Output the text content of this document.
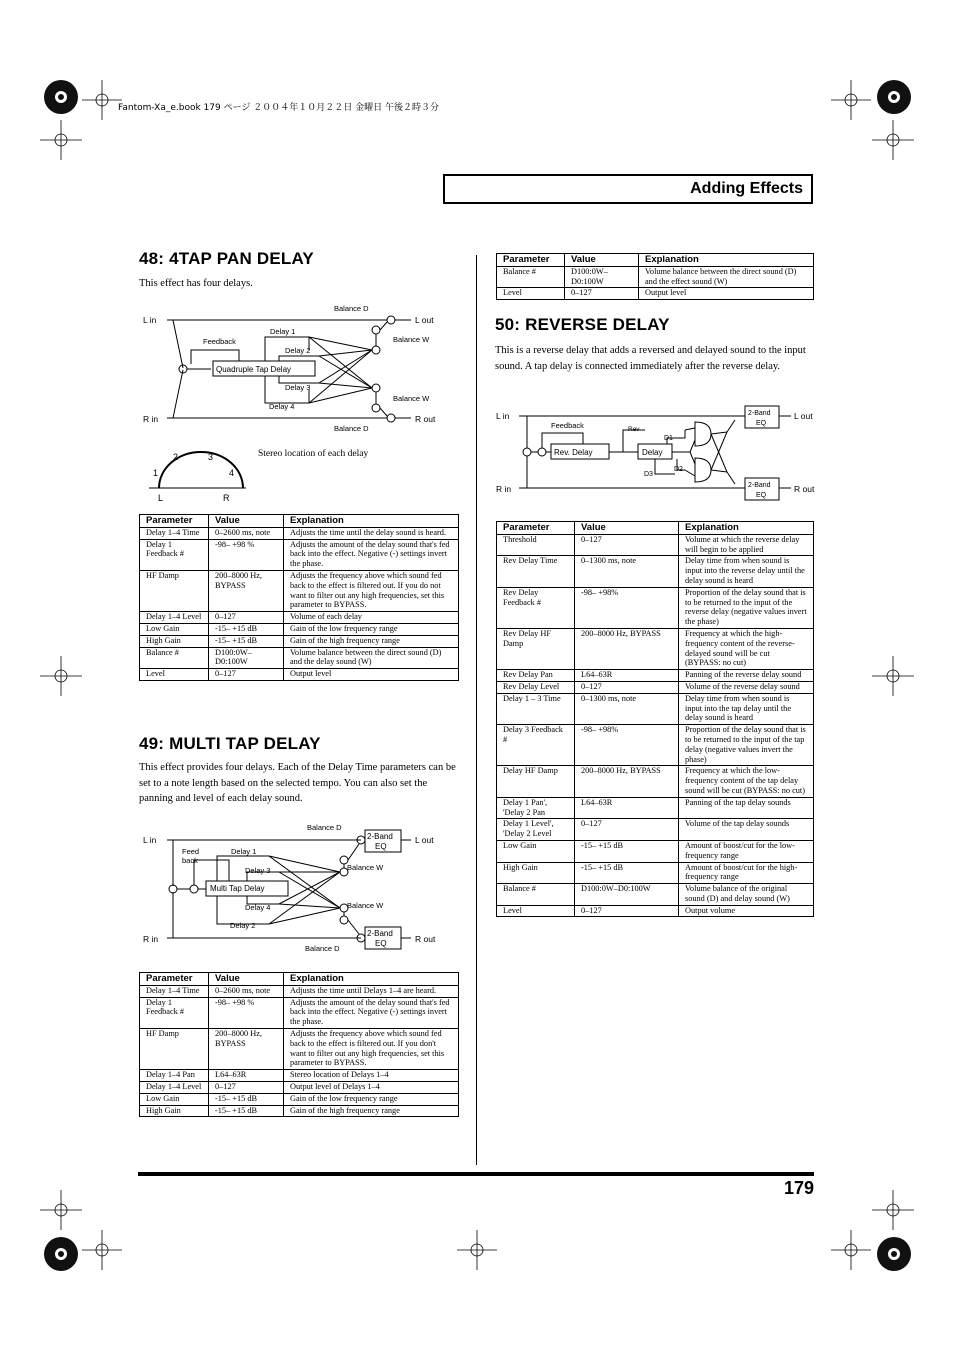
Fantom-Xa_e.book 179 ページ ２００４年１０月２２日 金曜日 午後２時３分
Adding Effects
48: 4TAP PAN DELAY

This effect has four delays.

L in
R in
L out
R out
Balance D
Balance D
Balance W
Balance W
Feedback
Quadruple Tap Delay
Delay 1
Delay 2
Delay 3
Delay 4
1
2	3
4
L	R
Stereo location of each delay
Parameter	Value	Explanation
Delay 1–4 Time	0–2600 ms, note	Adjusts the time until the delay sound is heard.
Delay 1 Feedback #	-98– +98 %	Adjusts the amount of the delay sound that's fed back into the effect. Negative (-) settings invert the phase.
HF Damp	200–8000 Hz, BYPASS	Adjusts the frequency above which sound fed back to the effect is filtered out. If you do not want to filter out any high frequencies, set this parameter to BYPASS.
Delay 1–4 Level	0–127	Volume of each delay
Low Gain	-15– +15 dB	Gain of the low frequency range
High Gain	-15– +15 dB	Gain of the high frequency range
Balance #	D100:0W– D0:100W	Volume balance between the direct sound (D) and the delay sound (W)
Level	0–127	Output level
49: MULTI TAP DELAY

This effect provides four delays. Each of the Delay Time parameters can be set to a note length based on the selected tempo. You can also set the panning and level of each delay sound.

L in
R in
L out
R out
Balance D
Balance D
Balance W
Balance W
Feed
back
Multi Tap Delay
Delay 1
Delay 3
Delay 4
Delay 2
2-Band
EQ
2-Band
EQ
Parameter	Value	Explanation
Delay 1–4 Time	0–2600 ms, note	Adjusts the time until Delays 1–4 are heard.
Delay 1 Feedback #	-98– +98 %	Adjusts the amount of the delay sound that's fed back into the effect. Negative (-) settings invert the phase.
HF Damp	200–8000 Hz, BYPASS	Adjusts the frequency above which sound fed back to the effect is filtered out. If you don't want to filter out any high frequencies, set this parameter to BYPASS.
Delay 1–4 Pan	L64–63R	Stereo location of Delays 1–4
Delay 1–4 Level	0–127	Output level of Delays 1–4
Low Gain	-15– +15 dB	Gain of the low frequency range
High Gain	-15– +15 dB	Gain of the high frequency range
Parameter	Value	Explanation
Balance #	D100:0W– D0:100W	Volume balance between the direct sound (D) and the effect sound (W)
Level	0–127	Output level
50: REVERSE DELAY

This is a reverse delay that adds a reversed and delayed sound to the input sound. A tap delay is connected immediately after the reverse delay.

L in
R in
L out
R out
Feedback	Rev
Rev. Delay	Delay
D1
D2
D3
2-Band
EQ
2-Band
EQ
Parameter	Value	Explanation
Threshold	0–127	Volume at which the reverse delay will begin to be applied
Rev Delay Time	0–1300 ms, note	Delay time from when sound is input into the reverse delay until the delay sound is heard
Rev Delay Feedback #	-98– +98%	Proportion of the delay sound that is to be returned to the input of the reverse delay (negative values invert the phase)
Rev Delay HF Damp	200–8000 Hz, BYPASS	Frequency at which the high-frequency content of the reverse-delayed sound will be cut (BYPASS: no cut)
Rev Delay Pan	L64–63R	Panning of the reverse delay sound
Rev Delay Level	0–127	Volume of the reverse delay sound
Delay 1 – 3 Time	0–1300 ms, note	Delay time from when sound is input into the tap delay until the delay sound is heard
Delay 3 Feedback #	-98– +98%	Proportion of the delay sound that is to be returned to the input of the tap delay (negative values invert the phase)
Delay HF Damp	200–8000 Hz, BYPASS	Frequency at which the low-frequency content of the tap delay sound will be cut (BYPASS: no cut)
Delay 1 Pan', 'Delay 2 Pan	L64–63R	Panning of the tap delay sounds
Delay 1 Level', 'Delay 2 Level	0–127	Volume of the tap delay sounds
Low Gain	-15– +15 dB	Amount of boost/cut for the low-frequency range
High Gain	-15– +15 dB	Amount of boost/cut for the high-frequency range
Balance #	D100:0W–D0:100W	Volume balance of the original sound (D) and delay sound (W)
Level	0–127	Output volume
179
